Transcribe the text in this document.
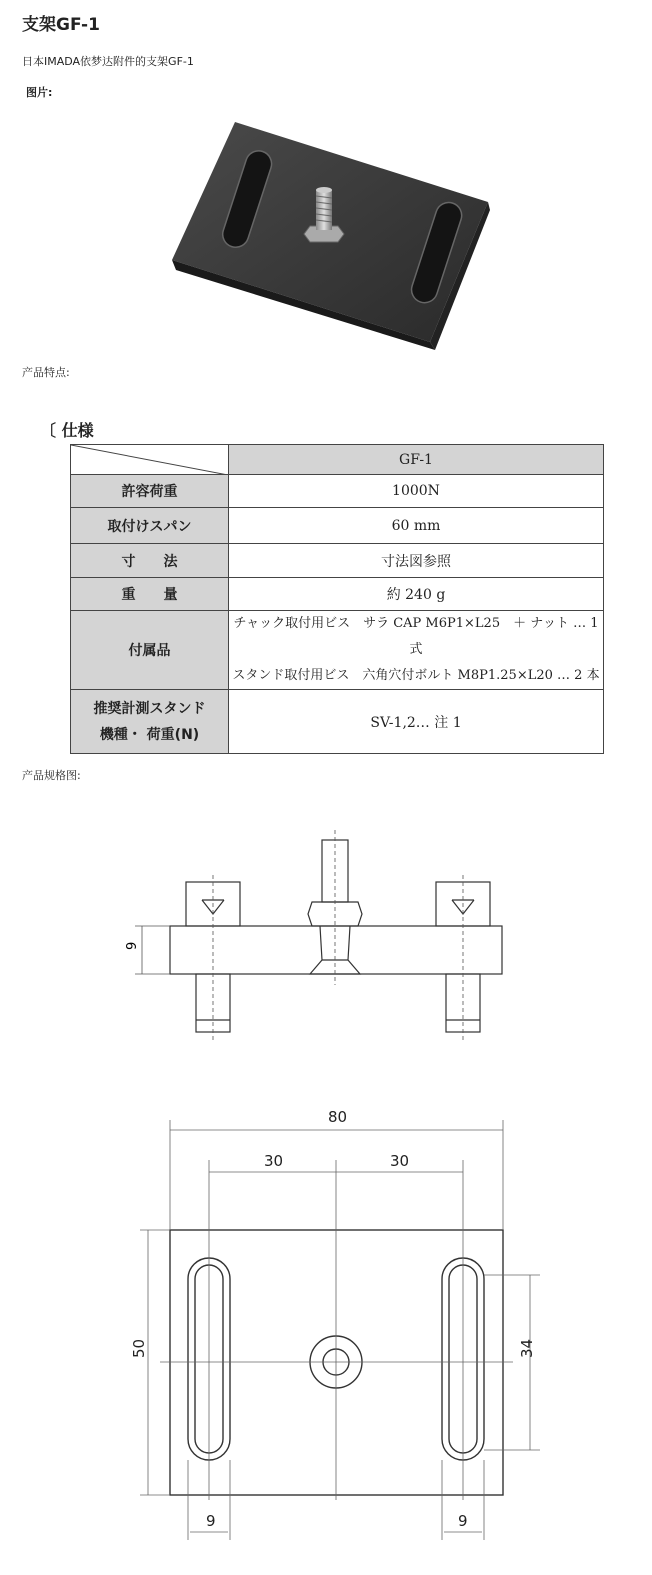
支架GF-1
日本IMADA依梦达附件的支架GF-1
图片:
产品特点:
〔 仕様
	GF-1
許容荷重	1000N
取付けスパン	60 mm
寸　　法	寸法図参照
重　　量	約 240 g
付属品	チャック取付用ビス　サラ CAP M6P1×L25　＋ ナット … 1 式
スタンド取付用ビス　六角穴付ボルト M8P1.25×L20 … 2 本

推奨計測スタンド
機種・ 荷重(N)	SV-1,2… 注 1
产品规格图:
9
80
30	30
50	34
9	9
